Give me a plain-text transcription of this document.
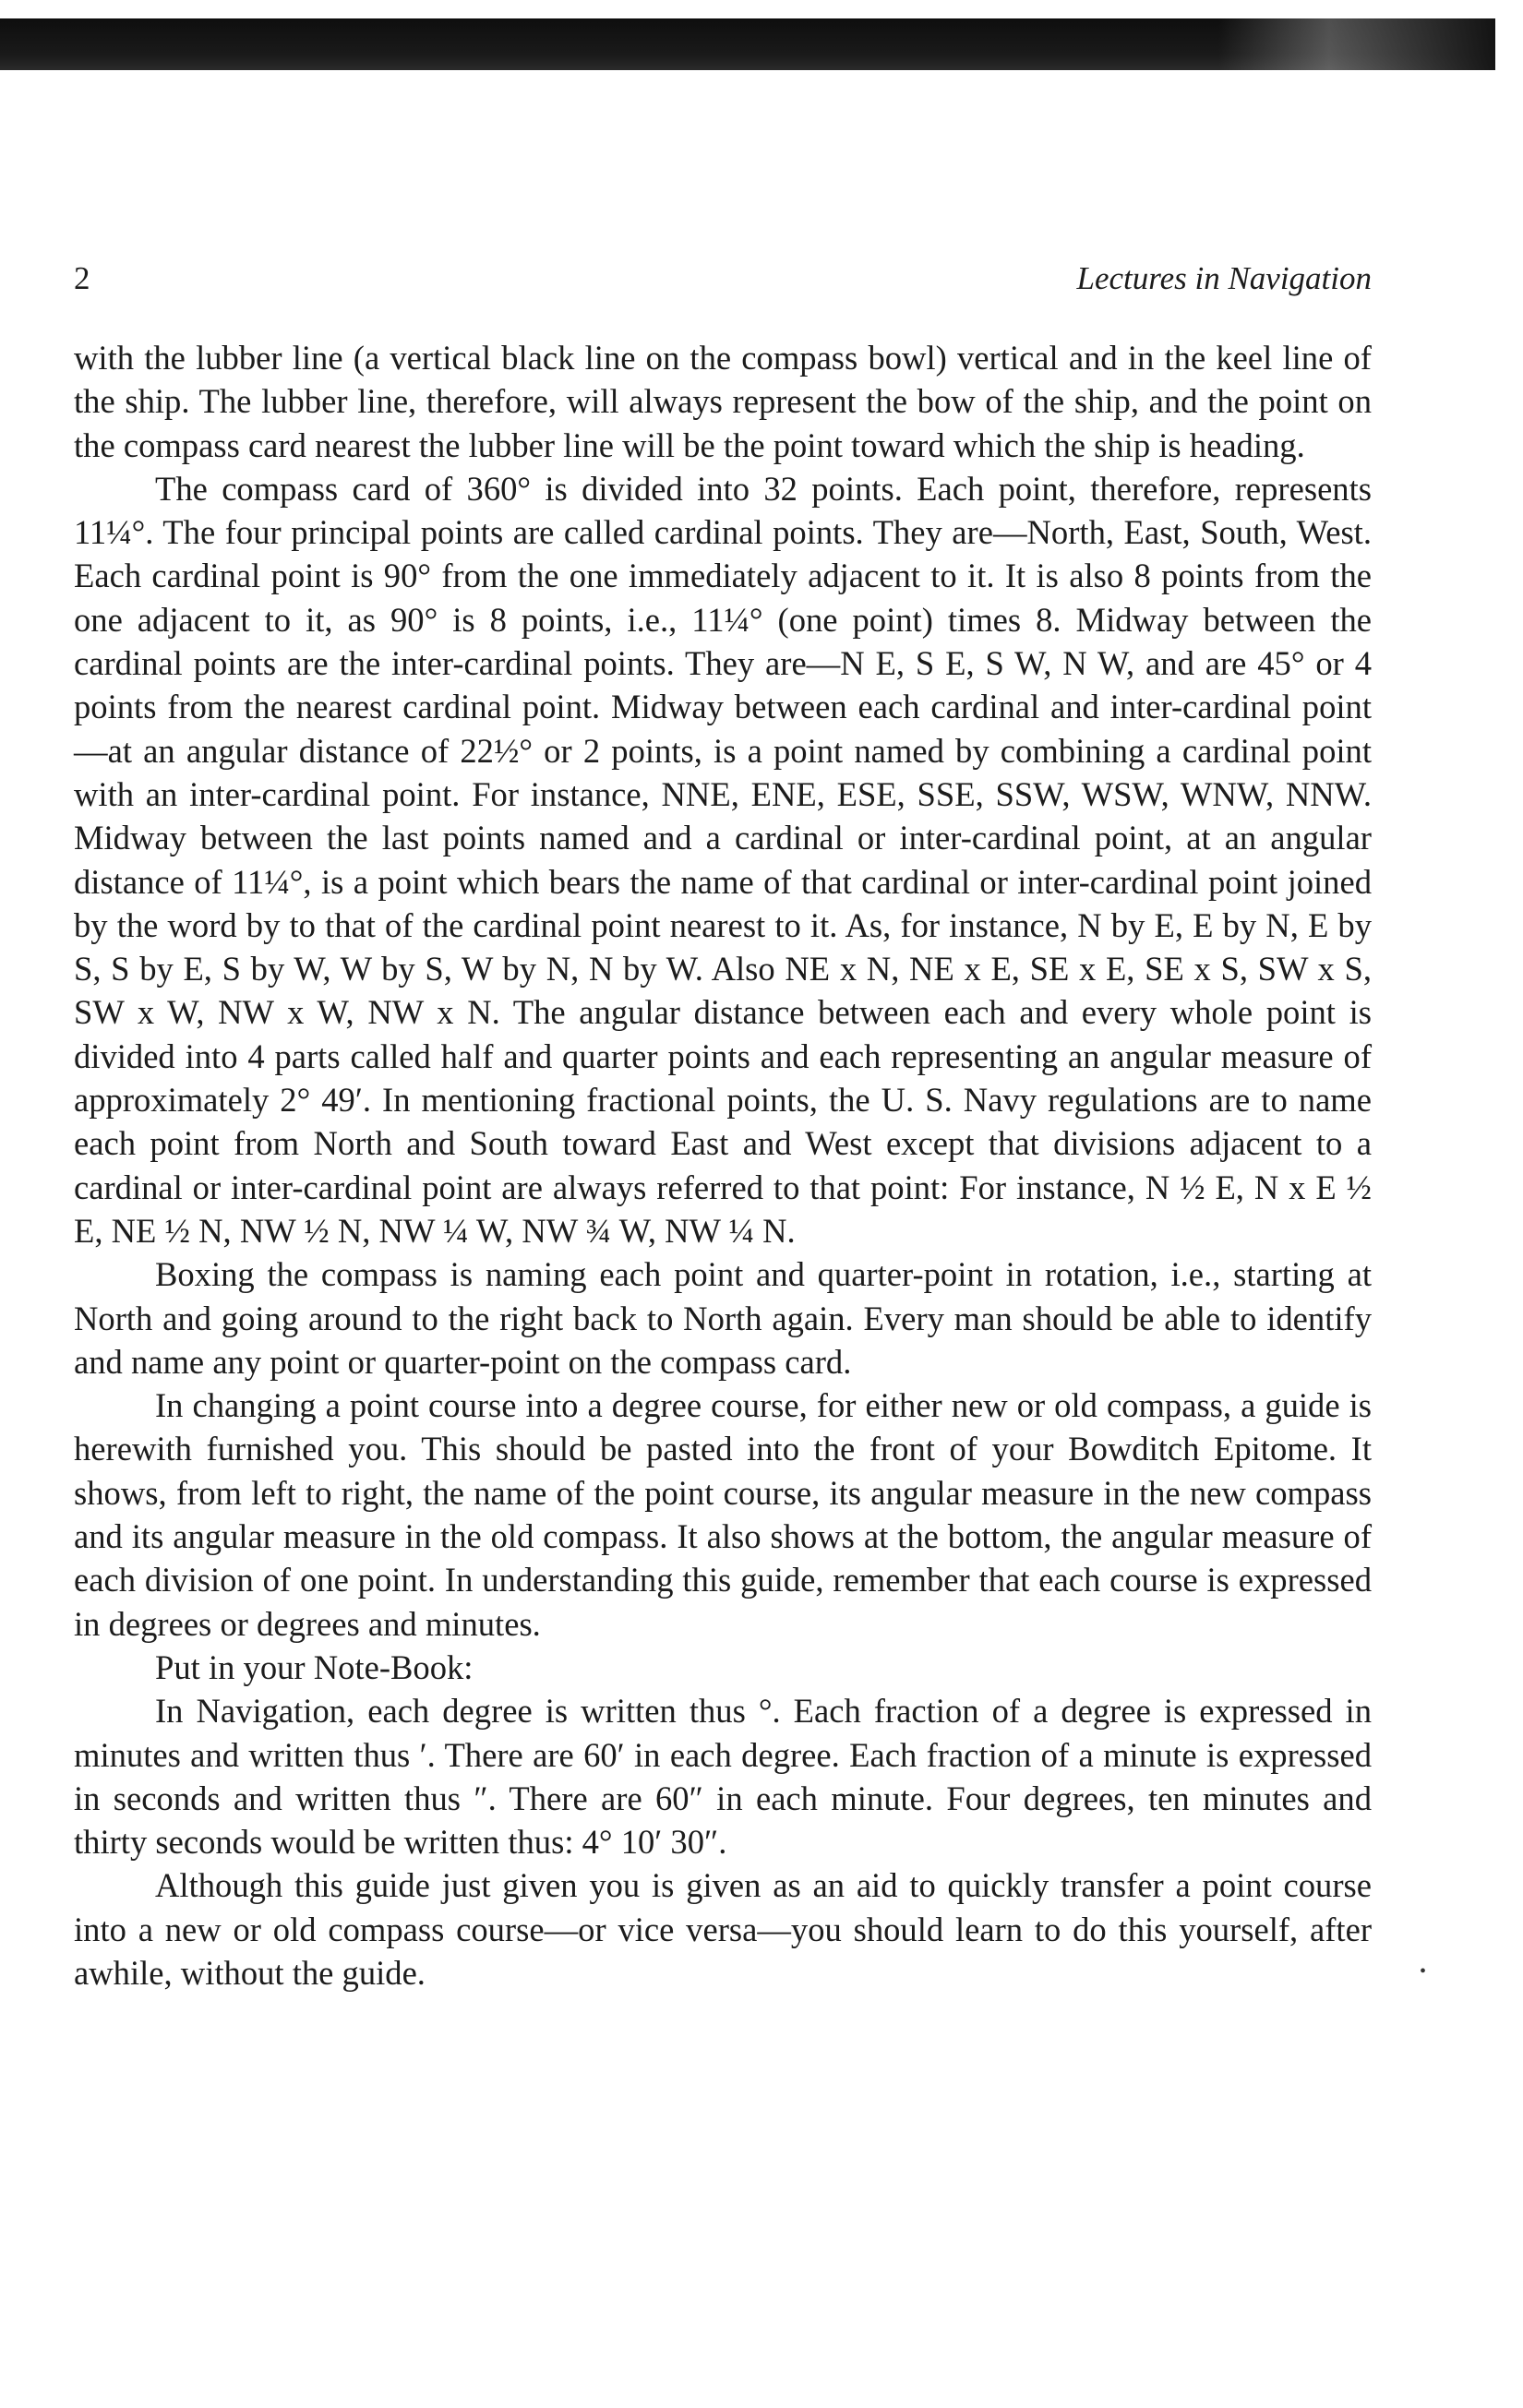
2	Lectures in Navigation

with the lubber line (a vertical black line on the compass bowl) vertical and in the keel line of the ship. The lubber line, therefore, will always represent the bow of the ship, and the point on the compass card nearest the lubber line will be the point toward which the ship is heading.

The compass card of 360° is divided into 32 points. Each point, therefore, represents 11¼°. The four principal points are called cardinal points. They are—North, East, South, West. Each cardinal point is 90° from the one immediately adjacent to it. It is also 8 points from the one adjacent to it, as 90° is 8 points, i.e., 11¼° (one point) times 8. Midway between the cardinal points are the inter-cardinal points. They are—N E, S E, S W, N W, and are 45° or 4 points from the nearest cardinal point. Midway between each cardinal and inter-cardinal point—at an angular distance of 22½° or 2 points, is a point named by combining a cardinal point with an inter-cardinal point. For instance, NNE, ENE, ESE, SSE, SSW, WSW, WNW, NNW. Midway between the last points named and a cardinal or inter-cardinal point, at an angular distance of 11¼°, is a point which bears the name of that cardinal or inter-cardinal point joined by the word by to that of the cardinal point nearest to it. As, for instance, N by E, E by N, E by S, S by E, S by W, W by S, W by N, N by W. Also NE x N, NE x E, SE x E, SE x S, SW x S, SW x W, NW x W, NW x N. The angular distance between each and every whole point is divided into 4 parts called half and quarter points and each representing an angular measure of approximately 2° 49′. In mentioning fractional points, the U. S. Navy regulations are to name each point from North and South toward East and West except that divisions adjacent to a cardinal or inter-cardinal point are always referred to that point: For instance, N ½ E, N x E ½ E, NE ½ N, NW ½ N, NW ¼ W, NW ¾ W, NW ¼ N.

Boxing the compass is naming each point and quarter-point in rotation, i.e., starting at North and going around to the right back to North again. Every man should be able to identify and name any point or quarter-point on the compass card.

In changing a point course into a degree course, for either new or old compass, a guide is herewith furnished you. This should be pasted into the front of your Bowditch Epitome. It shows, from left to right, the name of the point course, its angular measure in the new compass and its angular measure in the old compass. It also shows at the bottom, the angular measure of each division of one point. In understanding this guide, remember that each course is expressed in degrees or degrees and minutes.

Put in your Note-Book:

In Navigation, each degree is written thus °. Each fraction of a degree is expressed in minutes and written thus ′. There are 60′ in each degree. Each fraction of a minute is expressed in seconds and written thus ″. There are 60″ in each minute. Four degrees, ten minutes and thirty seconds would be written thus: 4° 10′ 30″.

Although this guide just given you is given as an aid to quickly transfer a point course into a new or old compass course—or vice versa—you should learn to do this yourself, after awhile, without the guide.	•
